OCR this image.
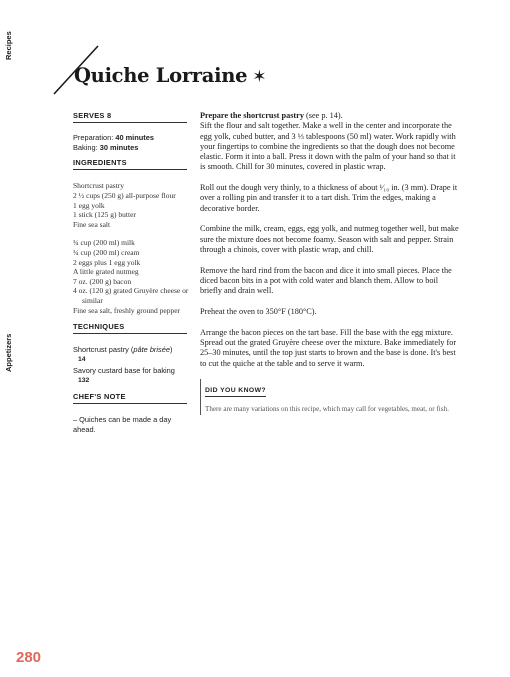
Recipes
Appetizers
Quiche Lorraine ✶

SERVES 8

Preparation: 40 minutes

Baking: 30 minutes

INGREDIENTS

Shortcrust pastry

2 ½ cups (250 g) all-purpose flour

1 egg yolk

1 stick (125 g) butter

Fine sea salt

¾ cup (200 ml) milk

¾ cup (200 ml) cream

2 eggs plus 1 egg yolk

A little grated nutmeg

7 oz. (200 g) bacon

4 oz. (120 g) grated Gruyère cheese or similar

Fine sea salt, freshly ground pepper

TECHNIQUES

Shortcrust pastry (pâte brisée)

14

Savory custard base for baking

132

CHEF'S NOTE

– Quiches can be made a day ahead.

Prepare the shortcrust pastry (see p. 14).
Sift the flour and salt together. Make a well in the center and incorporate the egg yolk, cubed butter, and 3 ⅓ tablespoons (50 ml) water. Work rapidly with your fingertips to combine the ingredients so that the dough does not become elastic. Form it into a ball. Press it down with the palm of your hand so that it is smooth. Chill for 30 minutes, covered in plastic wrap.

Roll out the dough very thinly, to a thickness of about ¹⁄₁₀ in. (3 mm). Drape it over a rolling pin and transfer it to a tart dish. Trim the edges, making a decorative border.

Combine the milk, cream, eggs, egg yolk, and nutmeg together well, but make sure the mixture does not become foamy. Season with salt and pepper. Strain through a chinois, cover with plastic wrap, and chill.

Remove the hard rind from the bacon and dice it into small pieces. Place the diced bacon bits in a pot with cold water and blanch them. Allow to boil briefly and drain well.

Preheat the oven to 350°F (180°C).

Arrange the bacon pieces on the tart base. Fill the base with the egg mixture. Spread out the grated Gruyère cheese over the mixture. Bake immediately for 25–30 minutes, until the top just starts to brown and the base is done. It's best to cut the quiche at the table and to serve it warm.

DID YOU KNOW?

There are many variations on this recipe, which may call for vegetables, meat, or fish.

280
